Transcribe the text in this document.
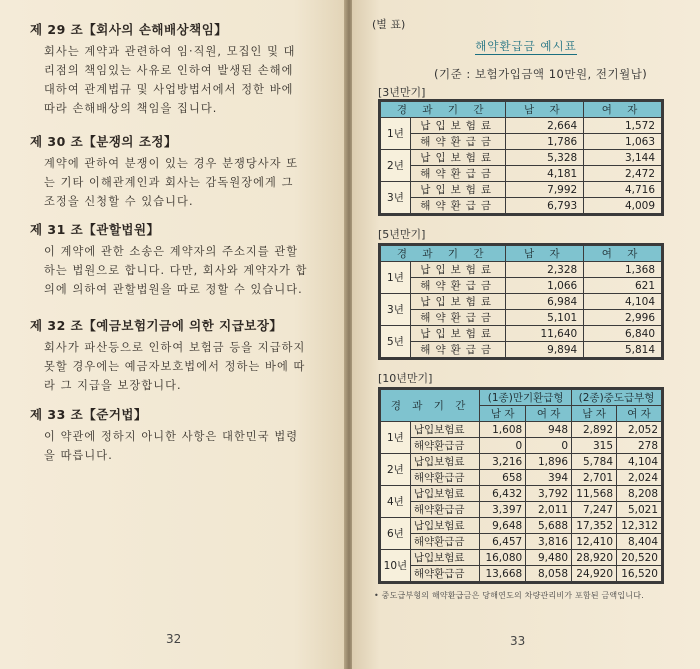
제 29 조【회사의 손해배상책임】
회사는 계약과 관련하여 임·직원, 모집인 및 대
리점의 책임있는 사유로 인하여 발생된 손해에
대하여 관계법규 및 사업방법서에서 정한 바에
따라 손해배상의 책임을 집니다.
제 30 조【분쟁의 조정】
계약에 관하여 분쟁이 있는 경우 분쟁당사자 또
는 기타 이해관계인과 회사는 감독원장에게 그
조정을 신청할 수 있습니다.
제 31 조【관할법원】
이 계약에 관한 소송은 계약자의 주소지를 관할
하는 법원으로 합니다. 다만, 회사와 계약자가 합
의에 의하여 관할법원을 따로 정할 수 있습니다.
제 32 조【예금보험기금에 의한 지급보장】
회사가 파산등으로 인하여 보험금 등을 지급하지
못할 경우에는 예금자보호법에서 정하는 바에 따
라 그 지급을 보장합니다.
제 33 조【준거법】
이 약관에 정하지 아니한 사항은 대한민국 법령
을 따릅니다.
32
(별 표)
해약환급금 예시표
(기준 : 보험가입금액 10만원, 전기월납)
[3년만기]
경 과 기 간		남 자	여 자
1년	납입보험료	2,664	1,572
	해약환급금	1,786	1,063
2년	납입보험료	5,328	3,144
	해약환급금	4,181	2,472
3년	납입보험료	7,992	4,716
	해약환급금	6,793	4,009
[5년만기]
경 과 기 간		남 자	여 자
1년	납입보험료	2,328	1,368
	해약환급금	1,066	621
3년	납입보험료	6,984	4,104
	해약환급금	5,101	2,996
5년	납입보험료	11,640	6,840
	해약환급금	9,894	5,814
[10년만기]
경 과 기 간		(1종)만기환급형		(2종)중도급부형	
		남 자	여 자	남 자	여 자
1년	납입보험료	1,608	948	2,892	2,052
	해약환급금	0	0	315	278
2년	납입보험료	3,216	1,896	5,784	4,104
	해약환급금	658	394	2,701	2,024
4년	납입보험료	6,432	3,792	11,568	8,208
	해약환급금	3,397	2,011	7,247	5,021
6년	납입보험료	9,648	5,688	17,352	12,312
	해약환급금	6,457	3,816	12,410	8,404
10년	납입보험료	16,080	9,480	28,920	20,520
	해약환급금	13,668	8,058	24,920	16,520
• 중도급부형의 해약환급금은 당해연도의 차량관리비가 포함된 금액입니다.
33
